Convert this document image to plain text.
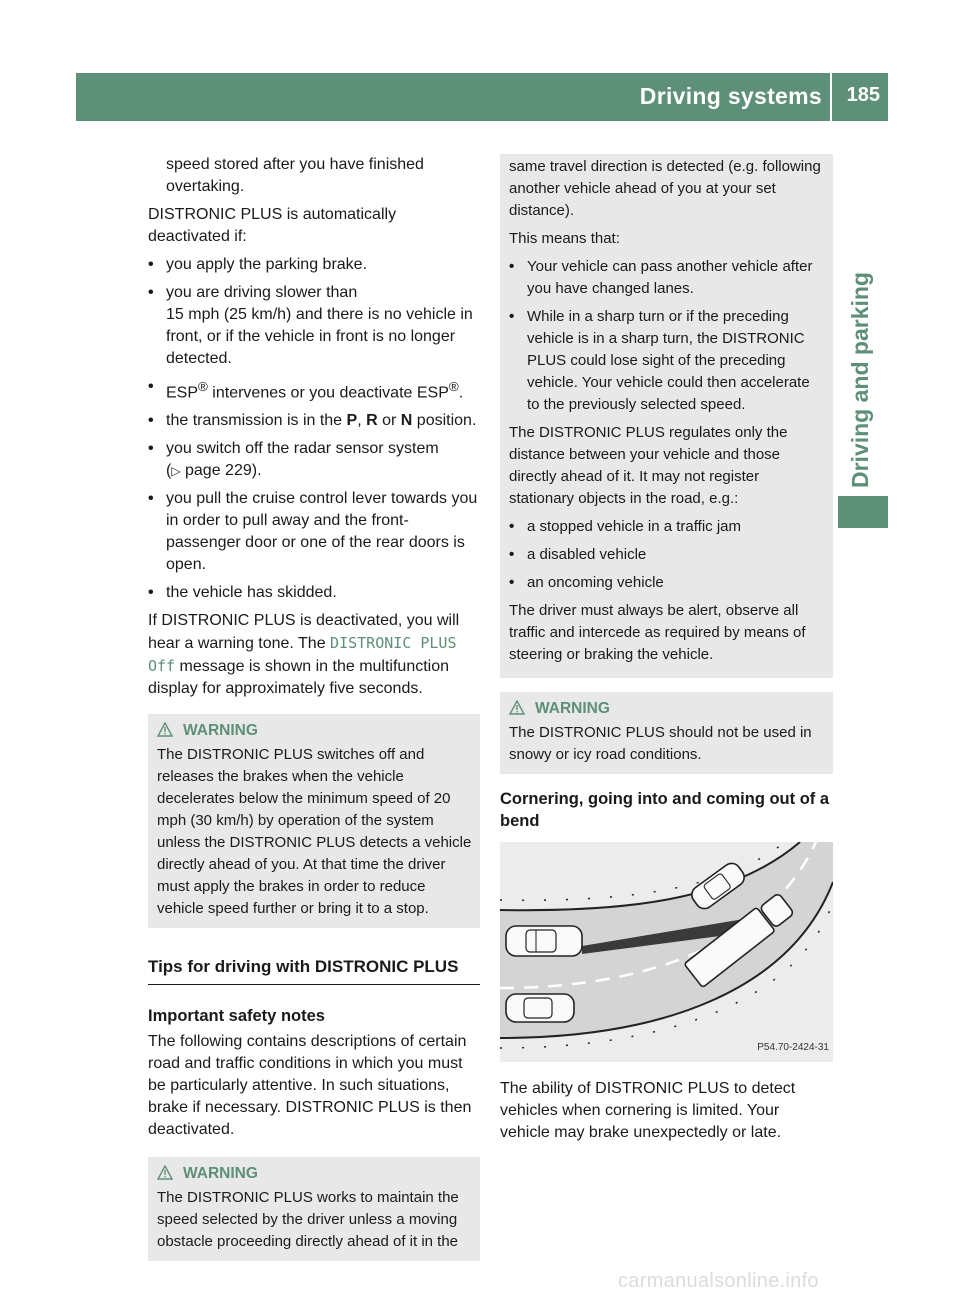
Driving systems 185
Driving and parking

speed stored after you have finished overtaking.

DISTRONIC PLUS is automatically deactivated if:

• you apply the parking brake.
• you are driving slower than
15 mph (25 km/h) and there is no vehicle in front, or if the vehicle in front is no longer detected.
• ESP® intervenes or you deactivate ESP®.
• the transmission is in the P, R or N position.
• you switch off the radar sensor system
(▷ page 229).
• you pull the cruise control lever towards you in order to pull away and the front-passenger door or one of the rear doors is open.
• the vehicle has skidded.

If DISTRONIC PLUS is deactivated, you will hear a warning tone. The DISTRONIC PLUS Off message is shown in the multifunction display for approximately five seconds.

WARNING
The DISTRONIC PLUS switches off and releases the brakes when the vehicle decelerates below the minimum speed of 20 mph (30 km/h) by operation of the system unless the DISTRONIC PLUS detects a vehicle directly ahead of you. At that time the driver must apply the brakes in order to reduce vehicle speed further or bring it to a stop.
Tips for driving with DISTRONIC PLUS
Important safety notes

The following contains descriptions of certain road and traffic conditions in which you must be particularly attentive. In such situations, brake if necessary. DISTRONIC PLUS is then deactivated.

WARNING
The DISTRONIC PLUS works to maintain the speed selected by the driver unless a moving obstacle proceeding directly ahead of it in the

same travel direction is detected (e.g. following another vehicle ahead of you at your set distance).

This means that:

• Your vehicle can pass another vehicle after you have changed lanes.
• While in a sharp turn or if the preceding vehicle is in a sharp turn, the DISTRONIC PLUS could lose sight of the preceding vehicle. Your vehicle could then accelerate to the previously selected speed.

The DISTRONIC PLUS regulates only the distance between your vehicle and those directly ahead of it. It may not register stationary objects in the road, e.g.:

• a stopped vehicle in a traffic jam
• a disabled vehicle
• an oncoming vehicle

The driver must always be alert, observe all traffic and intercede as required by means of steering or braking the vehicle.

WARNING
The DISTRONIC PLUS should not be used in snowy or icy road conditions.
Cornering, going into and coming out of a bend
P54.70-2424-31

The ability of DISTRONIC PLUS to detect vehicles when cornering is limited. Your vehicle may brake unexpectedly or late.

carmanualsonline.info
